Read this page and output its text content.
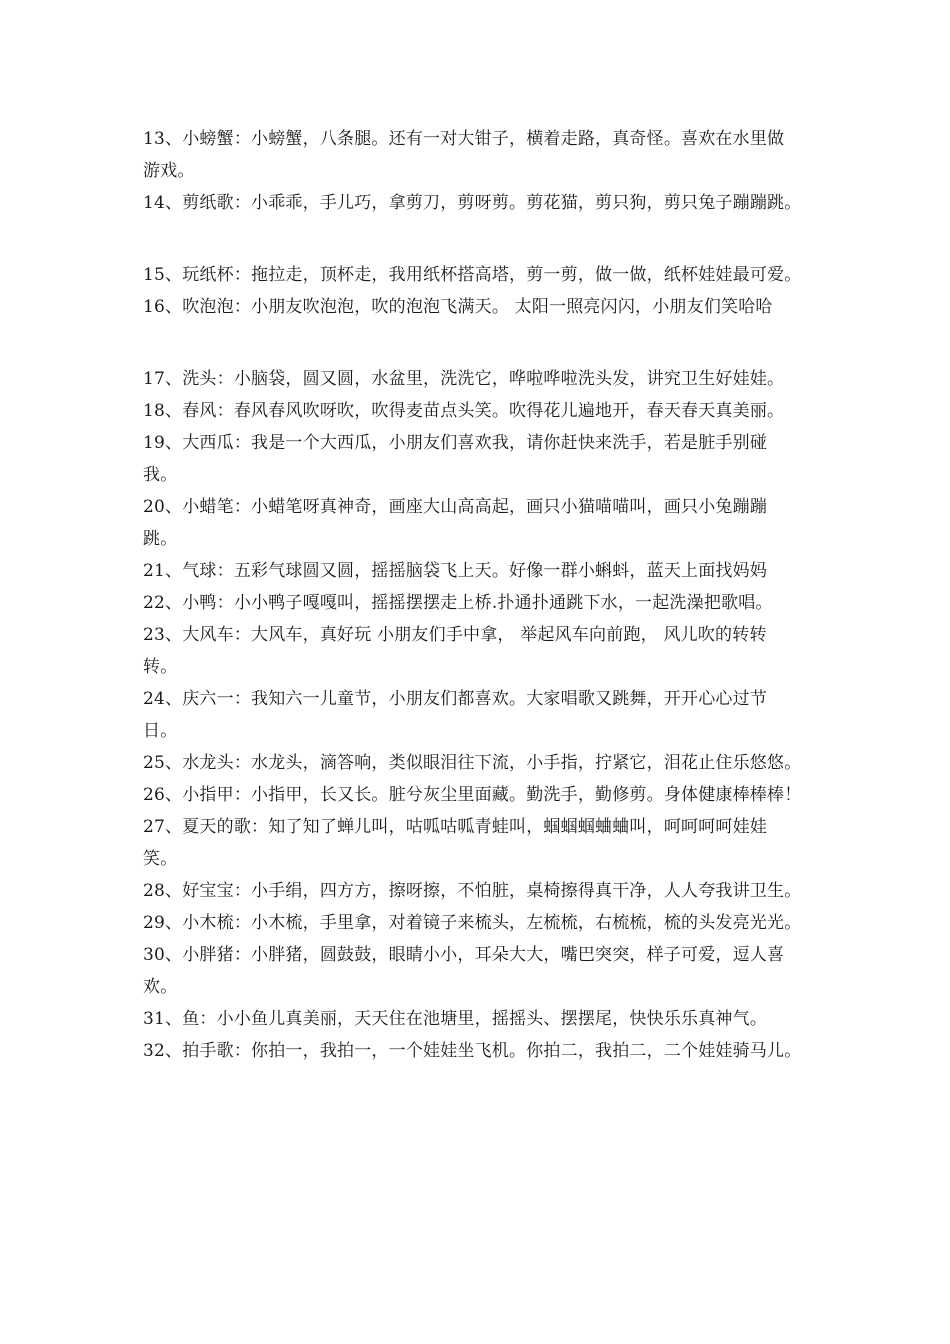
13、小螃蟹：小螃蟹，八条腿。还有一对大钳子，横着走路，真奇怪。喜欢在水里做
游戏。
14、剪纸歌：小乖乖，手儿巧，拿剪刀，剪呀剪。剪花猫，剪只狗，剪只兔子蹦蹦跳。
15、玩纸杯：拖拉走，顶杯走，我用纸杯搭高塔，剪一剪，做一做，纸杯娃娃最可爱。
16、吹泡泡：小朋友吹泡泡，吹的泡泡飞满天。 太阳一照亮闪闪，小朋友们笑哈哈
17、洗头：小脑袋，圆又圆，水盆里，洗洗它，哗啦哗啦洗头发，讲究卫生好娃娃。
18、春风：春风春风吹呀吹，吹得麦苗点头笑。吹得花儿遍地开，春天春天真美丽。
19、大西瓜：我是一个大西瓜，小朋友们喜欢我，请你赶快来洗手，若是脏手别碰
我。
20、小蜡笔：小蜡笔呀真神奇，画座大山高高起，画只小猫喵喵叫，画只小兔蹦蹦
跳。
21、气球：五彩气球圆又圆，摇摇脑袋飞上天。好像一群小蝌蚪，蓝天上面找妈妈
22、小鸭：小小鸭子嘎嘎叫，摇摇摆摆走上桥.扑通扑通跳下水，一起洗澡把歌唱。
23、大风车：大风车，真好玩 小朋友们手中拿， 举起风车向前跑， 风儿吹的转转
转。
24、庆六一：我知六一儿童节，小朋友们都喜欢。大家唱歌又跳舞，开开心心过节
日。
25、水龙头：水龙头，滴答响，类似眼泪往下流，小手指，拧紧它，泪花止住乐悠悠。
26、小指甲：小指甲，长又长。脏兮灰尘里面藏。勤洗手，勤修剪。身体健康棒棒棒！
27、夏天的歌：知了知了蝉儿叫，咕呱咕呱青蛙叫，蝈蝈蝈蛐蛐叫，呵呵呵呵娃娃
笑。
28、好宝宝：小手绢，四方方，擦呀擦，不怕脏，桌椅擦得真干净，人人夸我讲卫生。
29、小木梳：小木梳，手里拿，对着镜子来梳头，左梳梳，右梳梳，梳的头发亮光光。
30、小胖猪：小胖猪，圆鼓鼓，眼睛小小，耳朵大大，嘴巴突突，样子可爱，逗人喜
欢。
31、鱼：小小鱼儿真美丽，天天住在池塘里，摇摇头、摆摆尾，快快乐乐真神气。
32、拍手歌：你拍一，我拍一，一个娃娃坐飞机。你拍二，我拍二，二个娃娃骑马儿。
